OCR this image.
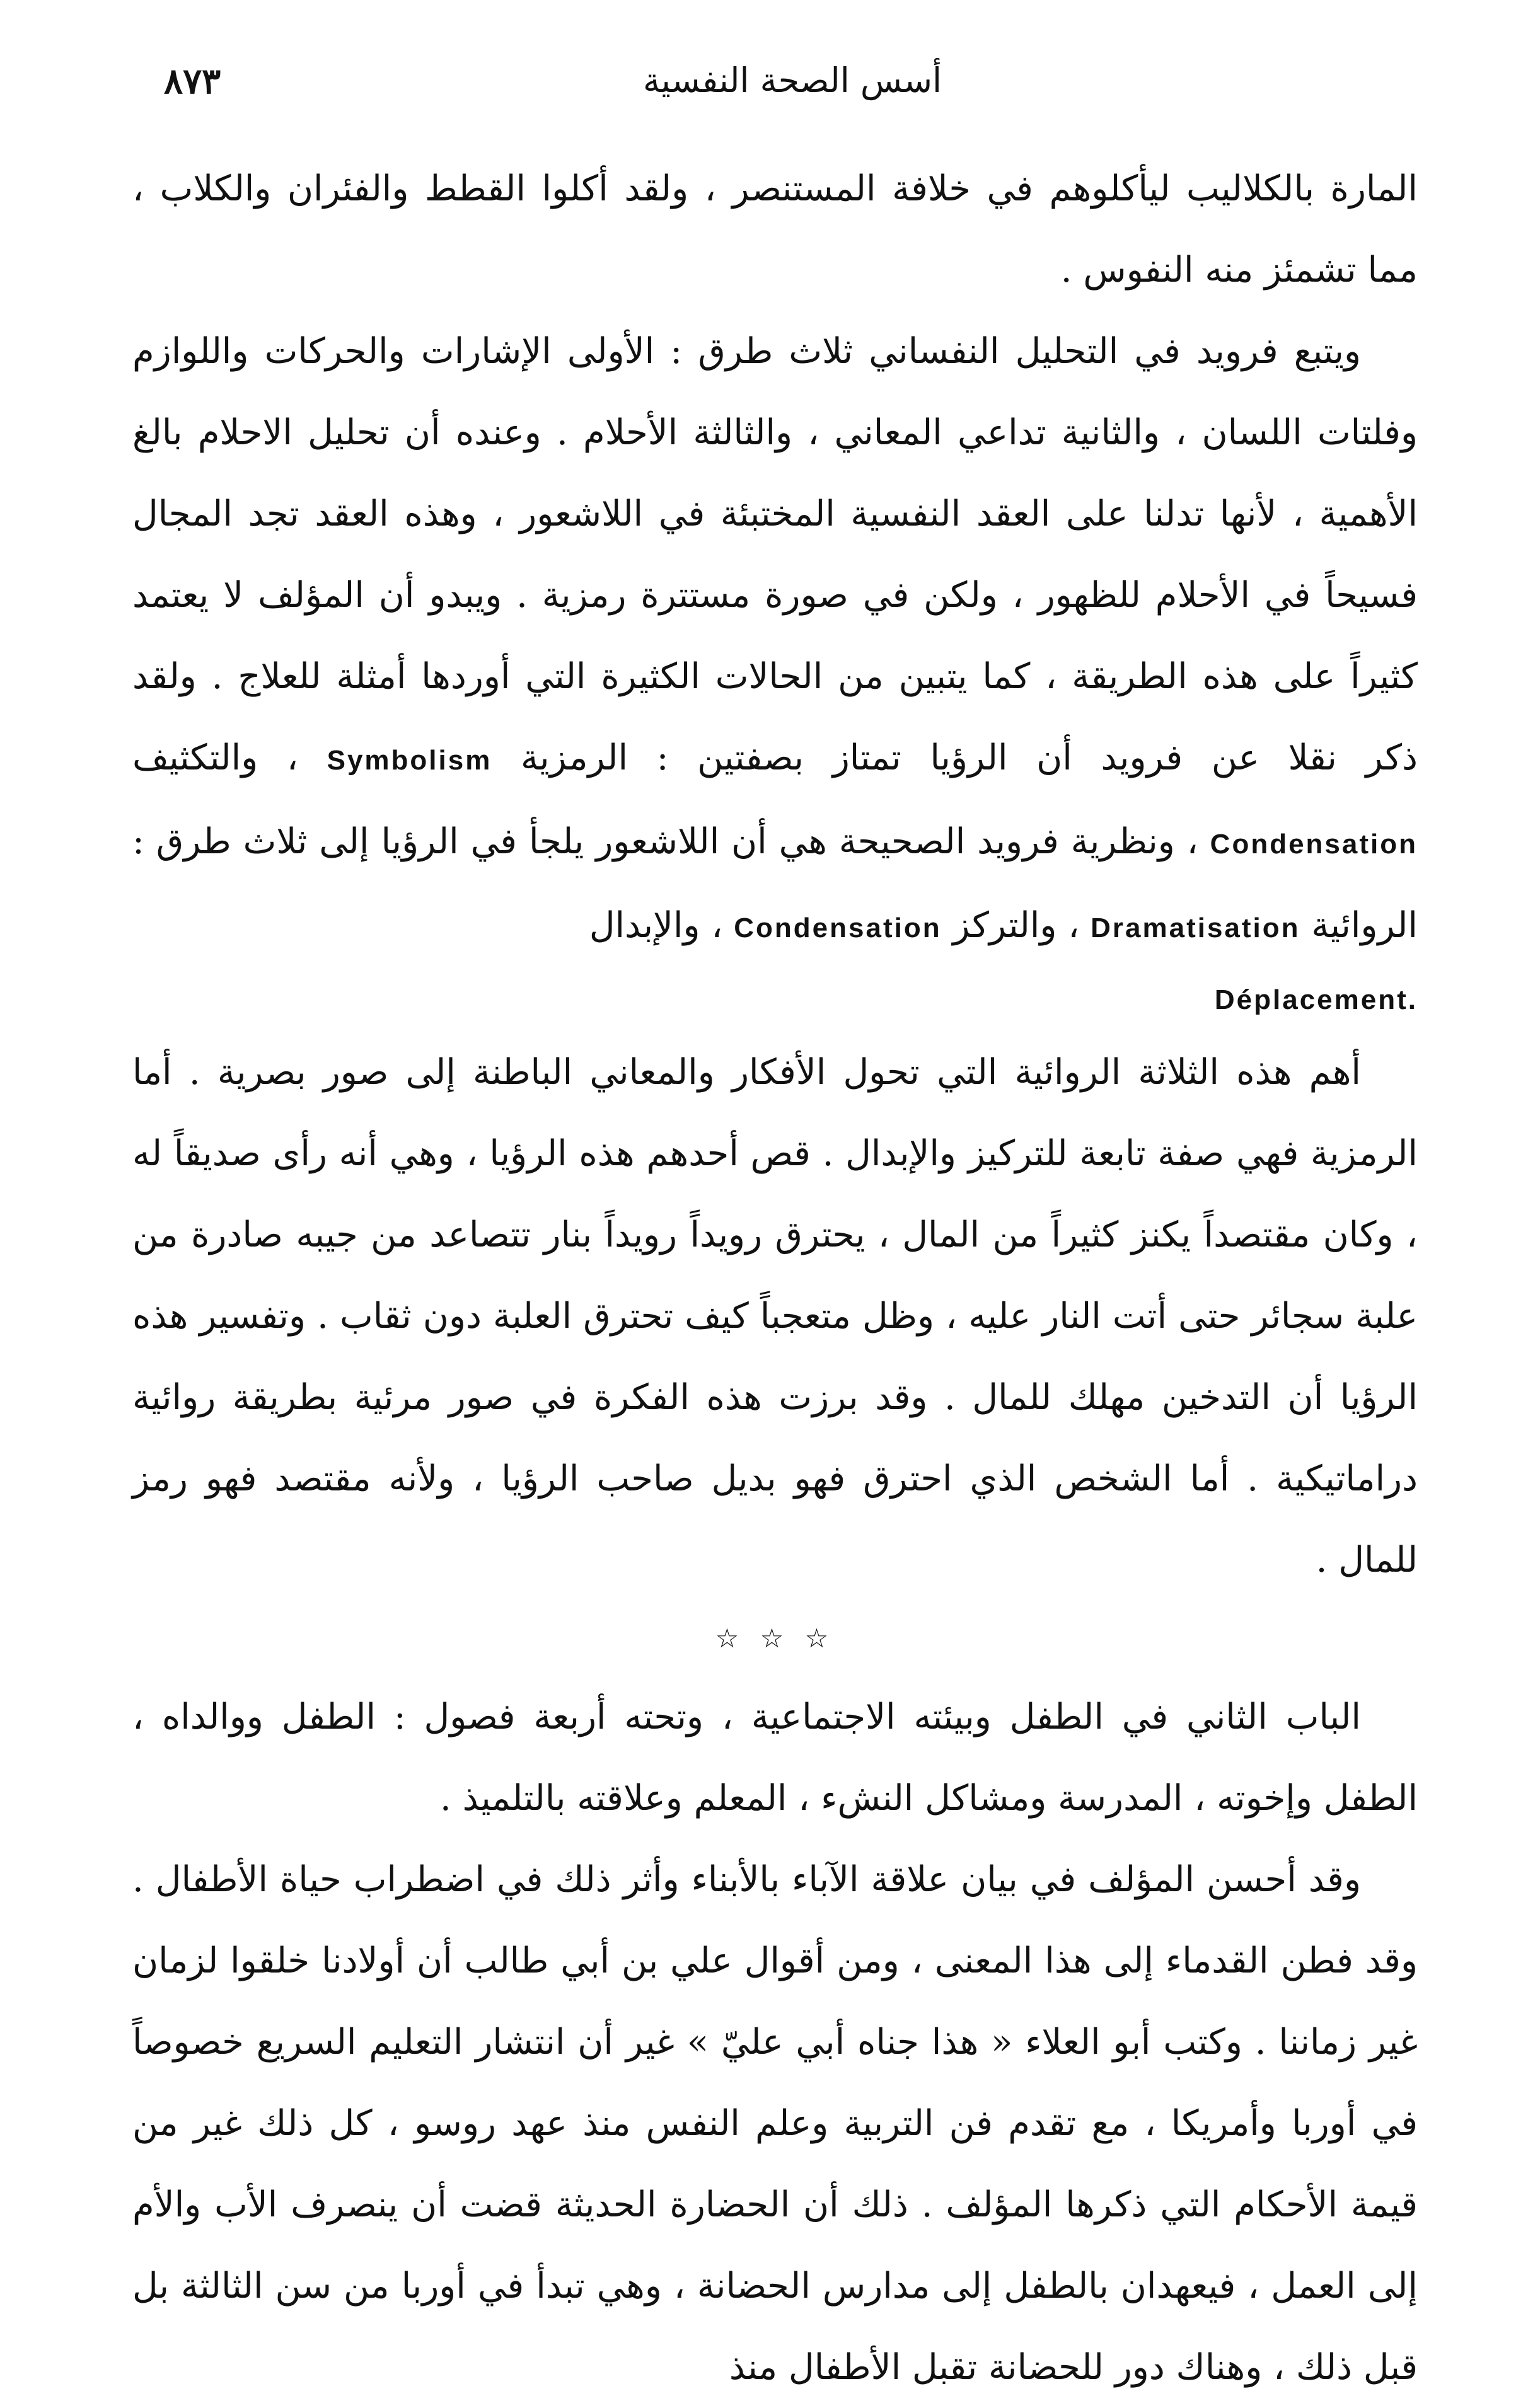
٨٧٣	أسس الصحة النفسية

المارة بالكلاليب ليأكلوهم في خلافة المستنصر ، ولقد أكلوا القطط والفئران والكلاب ، مما تشمئز منه النفوس .

ويتبع فرويد في التحليل النفساني ثلاث طرق : الأولى الإشارات والحركات واللوازم وفلتات اللسان ، والثانية تداعي المعاني ، والثالثة الأحلام . وعنده أن تحليل الاحلام بالغ الأهمية ، لأنها تدلنا على العقد النفسية المختبئة في اللاشعور ، وهذه العقد تجد المجال فسيحاً في الأحلام للظهور ، ولكن في صورة مستترة رمزية . ويبدو أن المؤلف لا يعتمد كثيراً على هذه الطريقة ، كما يتبين من الحالات الكثيرة التي أوردها أمثلة للعلاج . ولقد ذكر نقلا عن فرويد أن الرؤيا تمتاز بصفتين : الرمزية Symbolism ، والتكثيف Condensation ، ونظرية فرويد الصحيحة هي أن اللاشعور يلجأ في الرؤيا إلى ثلاث طرق : الروائية Dramatisation ، والتركز Condensation ، والإبدال

Déplacement.

أهم هذه الثلاثة الروائية التي تحول الأفكار والمعاني الباطنة إلى صور بصرية . أما الرمزية فهي صفة تابعة للتركيز والإبدال . قص أحدهم هذه الرؤيا ، وهي أنه رأى صديقاً له ، وكان مقتصداً يكنز كثيراً من المال ، يحترق رويداً رويداً بنار تتصاعد من جيبه صادرة من علبة سجائر حتى أتت النار عليه ، وظل متعجباً كيف تحترق العلبة دون ثقاب . وتفسير هذه الرؤيا أن التدخين مهلك للمال . وقد برزت هذه الفكرة في صور مرئية بطريقة روائية دراماتيكية . أما الشخص الذي احترق فهو بديل صاحب الرؤيا ، ولأنه مقتصد فهو رمز للمال .

☆ ☆ ☆

الباب الثاني في الطفل وبيئته الاجتماعية ، وتحته أربعة فصول : الطفل ووالداه ، الطفل وإخوته ، المدرسة ومشاكل النشء ، المعلم وعلاقته بالتلميذ .

وقد أحسن المؤلف في بيان علاقة الآباء بالأبناء وأثر ذلك في اضطراب حياة الأطفال . وقد فطن القدماء إلى هذا المعنى ، ومن أقوال علي بن أبي طالب أن أولادنا خلقوا لزمان غير زماننا . وكتب أبو العلاء « هذا جناه أبي عليّ » غير أن انتشار التعليم السريع خصوصاً في أوربا وأمريكا ، مع تقدم فن التربية وعلم النفس منذ عهد روسو ، كل ذلك غير من قيمة الأحكام التي ذكرها المؤلف . ذلك أن الحضارة الحديثة قضت أن ينصرف الأب والأم إلى العمل ، فيعهدان بالطفل إلى مدارس الحضانة ، وهي تبدأ في أوربا من سن الثالثة بل قبل ذلك ، وهناك دور للحضانة تقبل الأطفال منذ
